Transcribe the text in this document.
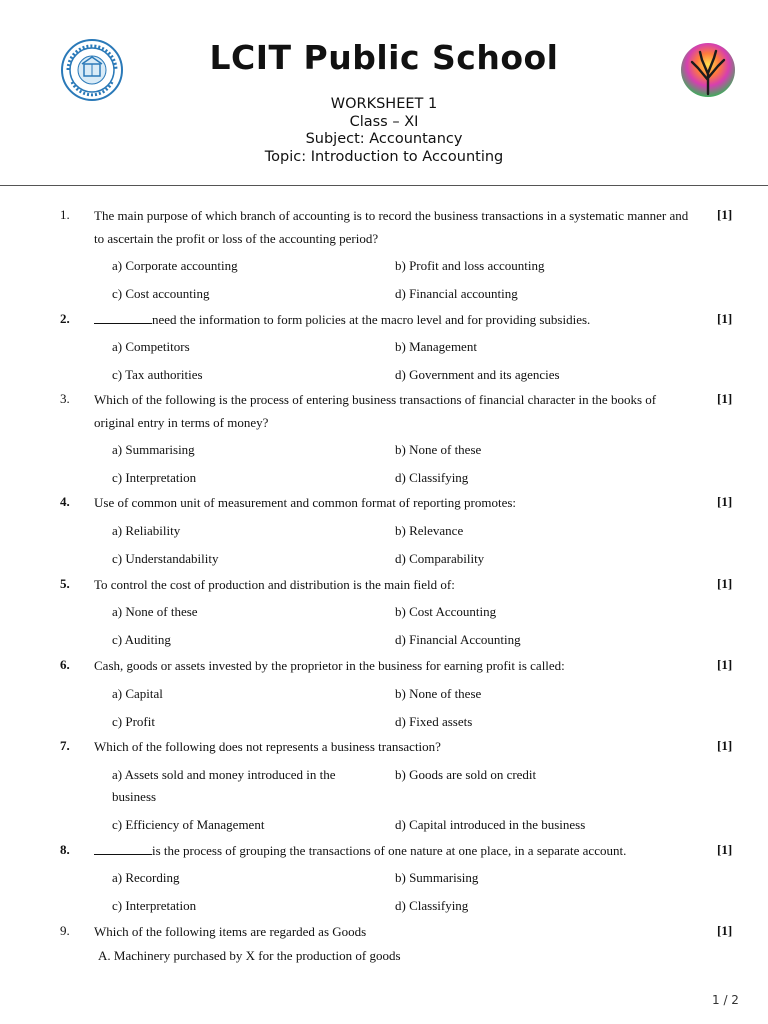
LCIT Public School
WORKSHEET 1
Class – XI
Subject: Accountancy
Topic: Introduction to Accounting
1. The main purpose of which branch of accounting is to record the business transactions in a systematic manner and to ascertain the profit or loss of the accounting period?
[1]
a) Corporate accounting	b) Profit and loss accounting
c) Cost accounting	d) Financial accounting
2.	need the information to form policies at the macro level and for providing subsidies.	[1]
a) Competitors	b) Management
c) Tax authorities	d) Government and its agencies
3. Which of the following is the process of entering business transactions of financial character in the books of original entry in terms of money?
[1]
a) Summarising	b) None of these
c) Interpretation	d) Classifying
4. Use of common unit of measurement and common format of reporting promotes:	[1]
a) Reliability	b) Relevance
c) Understandability	d) Comparability
5. To control the cost of production and distribution is the main field of:	[1]
a) None of these	b) Cost Accounting
c) Auditing	d) Financial Accounting
6. Cash, goods or assets invested by the proprietor in the business for earning profit is called:	[1]
a) Capital	b) None of these
c) Profit	d) Fixed assets
7. Which of the following does not represents a business transaction?	[1]
a) Assets sold and money introduced in the business
b) Goods are sold on credit
c) Efficiency of Management	d) Capital introduced in the business
8.	is the process of grouping the transactions of one nature at one place, in a separate account.	[1]
a) Recording	b) Summarising
c) Interpretation	d) Classifying
9. Which of the following items are regarded as Goods	[1]
A. Machinery purchased by X for the production of goods
1 / 2
